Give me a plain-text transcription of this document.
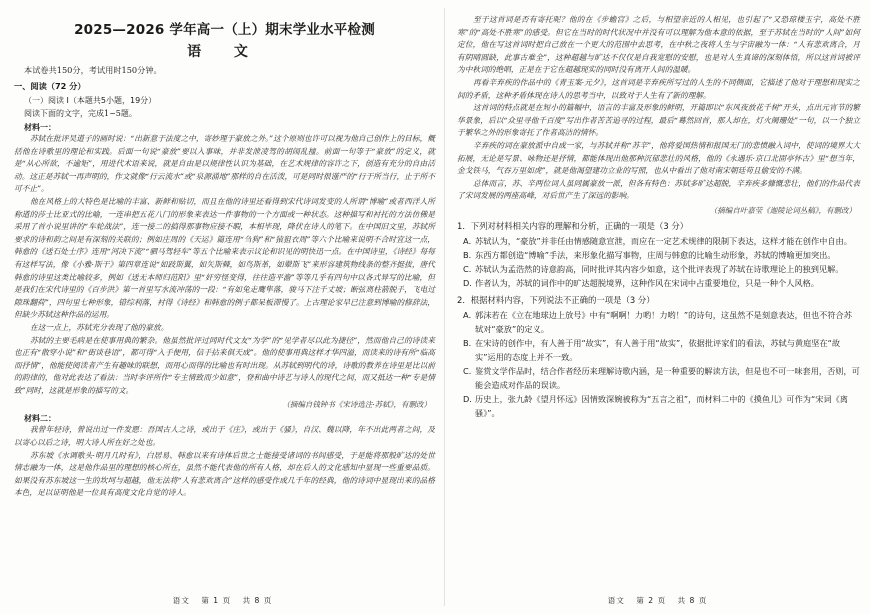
2025—2026 学年高一（上）期末学业水平检测
语 文
本试卷共150分，考试用时150分钟。
一、阅读（72 分）
（一）阅读 I（本题共5小题，19分）
阅读下面的文字，完成1~5题。
材料一：

苏轼在批评吴道子的画时说：“出新意于法度之中，寄妙理于豪放之外。”这个原则也许可以视为他自己创作上的目标，概括他在诗歌里的理论和实践。后面一句说“豪放”要以入事味，并非发泄凌驾的胡闹乱撞。前面一句等于“豪放”的定义，就是“从心所欲，不逾矩”，用进代术语来说，就是自由是以规律性认识为基础，在艺术规律的容许之下，创造有充分的自由活动。这正是苏轼一再声明的，作文就像“行云流水”或“泉源涌地”那样的自在活泼，可是同时很谨严的“行于所当行，止于所不可不止”。

他在风格上的大特色是比喻的丰富、新鲜和贴切，而且在他的诗里还看得到宋代诗词发变的人所谓“博喻”或者西洋人所称道的莎士比亚式的比喻，一连串把五花八门的形象来表达一件事物的一个方面或一种状态。这种描写和衬托的方法仿佛是采用了首小说里讲的“车轮战法”，连一接二的搞得那事物应接不暇，本相毕现，降伏在诗人的笔下。在中国旧文里，苏轼所要求的诗和韵之间是有深刻的关联的；例如庄周的《天运》篇连用“刍狗”和“猿狙衣周”等六个比喻来说明不合时宜这一点，韩愈的《送石处士序》连用“河决下流”“驷马驾轻车”等五个比喻来表示议论和识见的明快迅一点。在中国诗里，《诗经》每每有这样写法，像《小雅·斯干》第四章连说“如跂斯翼，如矢斯棘，如鸟斯革，如翚斯飞”来形容建筑物线条的整齐挺拔，唐代韩愈的诗里这类比喻较多，例如《送无本师归范阳》里“奸穷怪变得，往往造平澹”等等几乎有四句中以各式异写的比喻，但是我们在宋代诗里的《百步洪》第一首里写水流冲荡的一段：“有如兔走鹰隼落，骏马下注千丈坡；断弦离柱箭脱手，飞电过隙珠翻荷”，四句里七种形象，错综利落，衬得《诗经》和韩愈的例子都呆板滞慢了。上古理论家早已注意到博喻的修辞法，但缺少苏轼这种作品的运用。

在这一点上，苏轼充分表现了他的豪放。

苏轼的主要毛病是在使事用典的繁杂。他虽然批评过同时代文友“为学”的“见学者尽以此为捷径”，然而他自己的诗读来也正有“散穿小说”和“街谈巷语”，都可得“入手便用，信手拈来俱天成”。他的使事用典这样才华四溢，而读来的诗有所“临高而抒情”，他能使阅读者产生有趣味的联想，而用心而得的比喻也有时出现。从苏轼到明代的诗，诗歌的教养在诗里是比以前的韵律的，他对此表达了看法：当时李评所作“专主情致而少如意”，登和曲中诗艺与诗人的现代之间，而又抵达一种“专是情致”同时，这就是形象的描写的文。

（摘编自钱钟书《宋诗选注·苏轼》，有删改）
材料二：

我曾年轻诗，曾说出过一件发愿：吾国古人之诗，或出于《庄》，或出于《骚》，自汉、魏以降，年不出此两者之间，及以寄心以后之诗，明大诗人所在好之处也。

苏东坡《水调歌头·明月几时有》，白居易、韩愈以来有诗体后世之士能接受诸词的书间感受，于是能将那般旷达的处世情志融为一体，这是他作品里的理想的核心所在，虽然不能代表他的所有人格，却在后人的文化感知中显现一些重要品质。如果没有苏东坡这一生的坎坷与超越，他无法将“人有悲欢离合”这样的感受作成几千年的经典，他的诗词中显现出来的品格本色，足以证明他是一位具有高度文化自觉的诗人。

语文 第 1 页 共 8 页

至于这首词是否有寄托呢？他的在《步蟾宫》之后，与相望亲近的人相见，也引起了“又恐琼楼玉宇，高处不胜寒”的“高处不胜寒”的感受。但它在当时的时代状况中并没有可以理解为他本意的依据，至于苏轼在当时的“人间”如何定位，他在写这首词时把自己放在一个更大的范围中去思考，在中秋之夜将人生与宇宙融为一体：“人有悲欢离合，月有阴晴圆缺，此事古难全”，这种超越与旷达不仅仅是自我宽慰的安慰，也是对人生真谛的深刻体悟，所以这首词被评为中秋词的绝唱，正是在于它在超越现实的同时没有离开人间的温暖。

再看辛弃疾的作品中的《青玉案·元夕》，这首词是辛弃疾所写过的人生的不同侧面，它描述了他对于理想和现实之间的矛盾，这种矛盾体现在诗人的思考当中，以致对于人生有了新的理解。

这首词的特点就是在短小的篇幅中，语言的丰富及形象的鲜明，开篇即以“东风夜放花千树”开头，点出元宵节的繁华景象，后以“众里寻他千百度”写出作者苦苦追寻的过程，最后“蓦然回首，那人却在，灯火阑珊处”一句，以一个独立于繁华之外的形象寄托了作者高洁的情怀。

辛弃疾的词在豪放派中自成一家，与苏轼并称“苏辛”，他将爱国热情和报国无门的悲愤融入词中，使词的境界大大拓展，无论是写景、咏物还是抒情，都能体现出他那种沉郁悲壮的风格，他的《永遇乐·京口北固亭怀古》里“想当年，金戈铁马，气吞万里如虎”，就是他渴望建功立业的写照，也从中看出了他对南宋朝廷苟且偷安的不满。

总体而言，苏、辛两位词人虽同属豪放一派，但各有特色：苏轼多旷达超脱，辛弃疾多慷慨悲壮，他们的作品代表了宋词发展的两座高峰，对后世产生了深远的影响。

（摘编自叶嘉莹《迦陵论词丛稿》，有删改）
1．下列对材料相关内容的理解和分析，正确的一项是（3 分）
A．苏轼认为，“豪放”并非任由情感随意宣泄，而应在一定艺术规律的限制下表达，这样才能在创作中自由。
B．东西方都创造“博喻”手法，来形象化描写事物，庄周与韩愈的比喻生动形象，苏轼的博喻更加突出。
C．苏轼认为孟浩然的诗意韵高，同时批评其内容少如意，这个批评表现了苏轼在诗歌理论上的独到见解。
D．作者认为，苏轼的词作中的旷达超脱境界，这种作风在宋词中占重要地位，只是一种个人风格。
2．根据材料内容，下列说法不正确的一项是（3 分）
A．郭沫若在《立在地球边上放号》中有“啊啊！力哟！力哟！”的诗句，这虽然不是刻意表达，但也不符合苏轼对“豪放”的定义。
B．在宋诗的创作中，有人善于用“故实”，有人善于用“故实”，依据批评家们的看法，苏轼与黄庭坚在“故实”运用的态度上并不一致。
C．鉴赏文学作品时，结合作者经历来理解诗歌内涵，是一种重要的解读方法，但是也不可一味套用，否则，可能会造成对作品的误读。
D．历史上，张九龄《望月怀远》因情致深婉被称为“五言之祖”，而材料二中的《摸鱼儿》可作为“宋词《离骚》”。
语文 第 2 页 共 8 页
